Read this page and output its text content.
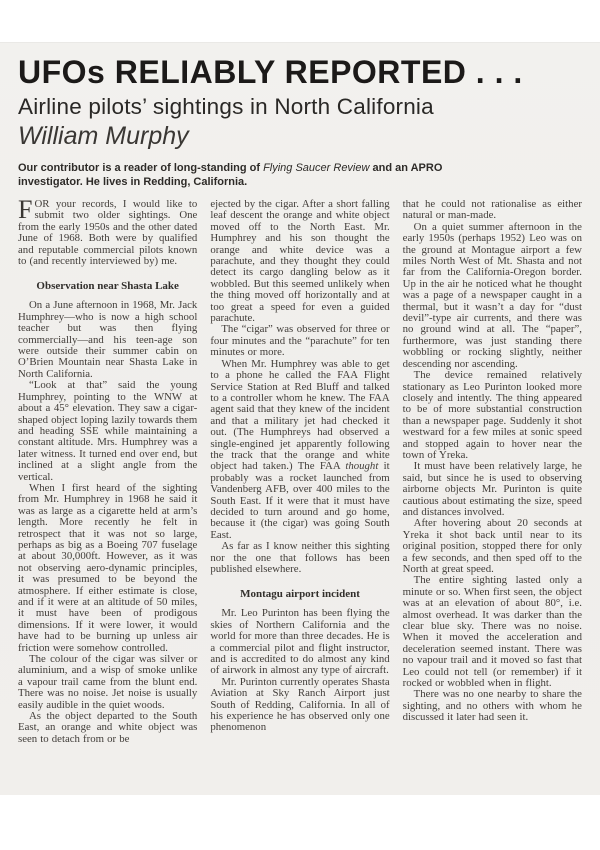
UFOs RELIABLY REPORTED . . .
Airline pilots’ sightings in North California
William Murphy

Our contributor is a reader of long-standing of Flying Saucer Review and an APRO investigator. He lives in Redding, California.

FOR your records, I would like to submit two older sightings. One from the early 1950s and the other dated June of 1968. Both were by qualified and reputable commercial pilots known to (and recently interviewed by) me.

Observation near Shasta Lake

On a June afternoon in 1968, Mr. Jack Humphrey—who is now a high school teacher but was then flying commercially—and his teen-age son were outside their summer cabin on O’Brien Mountain near Shasta Lake in North California.

“Look at that” said the young Humphrey, pointing to the WNW at about a 45° elevation. They saw a cigar-shaped object loping lazily towards them and heading SSE while maintaining a constant altitude. Mrs. Humphrey was a later witness. It turned end over end, but inclined at a slight angle from the vertical.

When I first heard of the sighting from Mr. Humphrey in 1968 he said it was as large as a cigarette held at arm’s length. More recently he felt in retrospect that it was not so large, perhaps as big as a Boeing 707 fuselage at about 30,000ft. However, as it was not observing aero-dynamic principles, it was presumed to be beyond the atmosphere. If either estimate is close, and if it were at an altitude of 50 miles, it must have been of prodigous dimensions. If it were lower, it would have had to be burning up unless air friction were somehow controlled.

The colour of the cigar was silver or aluminium, and a wisp of smoke unlike a vapour trail came from the blunt end. There was no noise. Jet noise is usually easily audible in the quiet woods.

As the object departed to the South East, an orange and white object was seen to detach from or be

ejected by the cigar. After a short falling leaf descent the orange and white object moved off to the North East. Mr. Humphrey and his son thought the orange and white device was a parachute, and they thought they could detect its cargo dangling below as it wobbled. But this seemed unlikely when the thing moved off horizontally and at too great a speed for even a guided parachute.

The “cigar” was observed for three or four minutes and the “parachute” for ten minutes or more.

When Mr. Humphrey was able to get to a phone he called the FAA Flight Service Station at Red Bluff and talked to a controller whom he knew. The FAA agent said that they knew of the incident and that a military jet had checked it out. (The Humphreys had observed a single-engined jet apparently following the track that the orange and white object had taken.) The FAA thought it probably was a rocket launched from Vandenberg AFB, over 400 miles to the South East. If it were that it must have decided to turn around and go home, because it (the cigar) was going South East.

As far as I know neither this sighting nor the one that follows has been published elsewhere.

Montagu airport incident

Mr. Leo Purinton has been flying the skies of Northern California and the world for more than three decades. He is a commercial pilot and flight instructor, and is accredited to do almost any kind of airwork in almost any type of aircraft.

Mr. Purinton currently operates Shasta Aviation at Sky Ranch Airport just South of Redding, California. In all of his experience he has observed only one phenomenon

that he could not rationalise as either natural or man-made.

On a quiet summer afternoon in the early 1950s (perhaps 1952) Leo was on the ground at Montague airport a few miles North West of Mt. Shasta and not far from the California-Oregon border. Up in the air he noticed what he thought was a page of a newspaper caught in a thermal, but it wasn’t a day for “dust devil”-type air currents, and there was no ground wind at all. The “paper”, furthermore, was just standing there wobbling or rocking slightly, neither descending nor ascending.

The device remained relatively stationary as Leo Purinton looked more closely and intently. The thing appeared to be of more substantial construction than a newspaper page. Suddenly it shot westward for a few miles at sonic speed and stopped again to hover near the town of Yreka.

It must have been relatively large, he said, but since he is used to observing airborne objects Mr. Purinton is quite cautious about estimating the size, speed and distances involved.

After hovering about 20 seconds at Yreka it shot back until near to its original position, stopped there for only a few seconds, and then sped off to the North at great speed.

The entire sighting lasted only a minute or so. When first seen, the object was at an elevation of about 80°, i.e. almost overhead. It was darker than the clear blue sky. There was no noise. When it moved the acceleration and deceleration seemed instant. There was no vapour trail and it moved so fast that Leo could not tell (or remember) if it rocked or wobbled when in flight.

There was no one nearby to share the sighting, and no others with whom he discussed it later had seen it.
